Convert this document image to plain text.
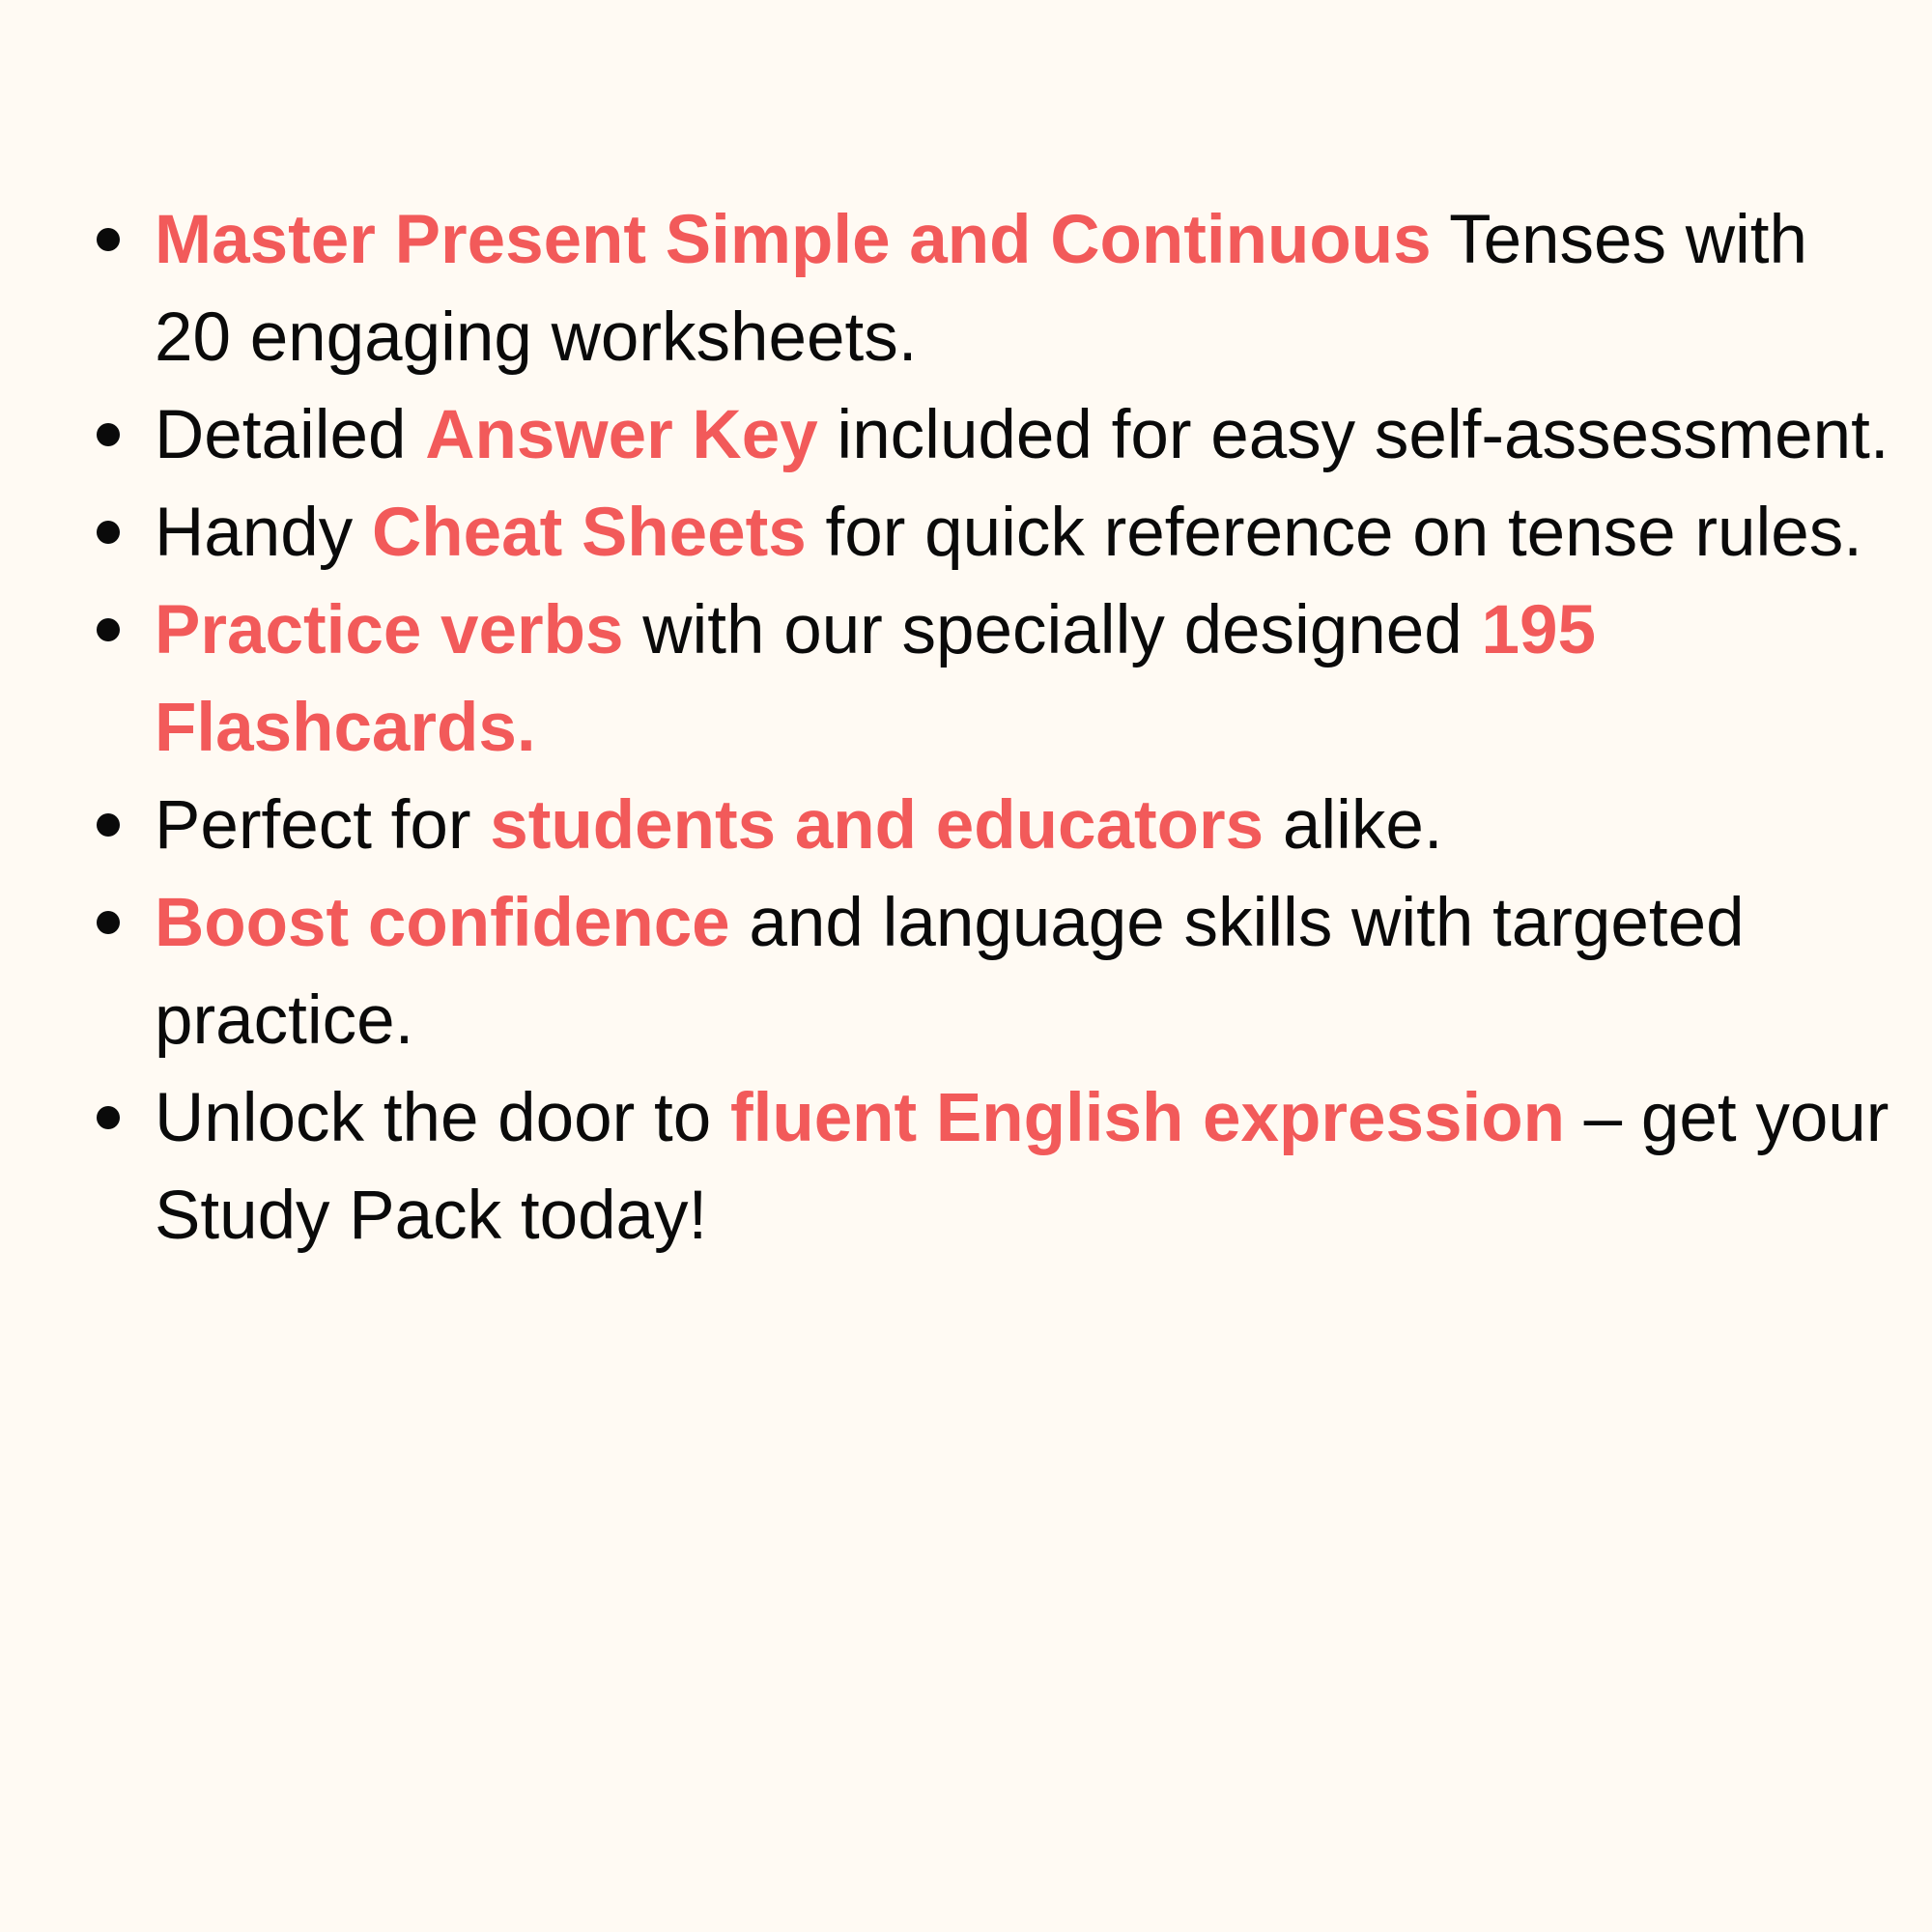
Master Present Simple and Continuous Tenses with 20 engaging worksheets.
Detailed Answer Key included for easy self-assessment.
Handy Cheat Sheets for quick reference on tense rules.
Practice verbs with our specially designed 195 Flashcards.
Perfect for students and educators alike.
Boost confidence and language skills with targeted practice.
Unlock the door to fluent English expression – get your Study Pack today!
